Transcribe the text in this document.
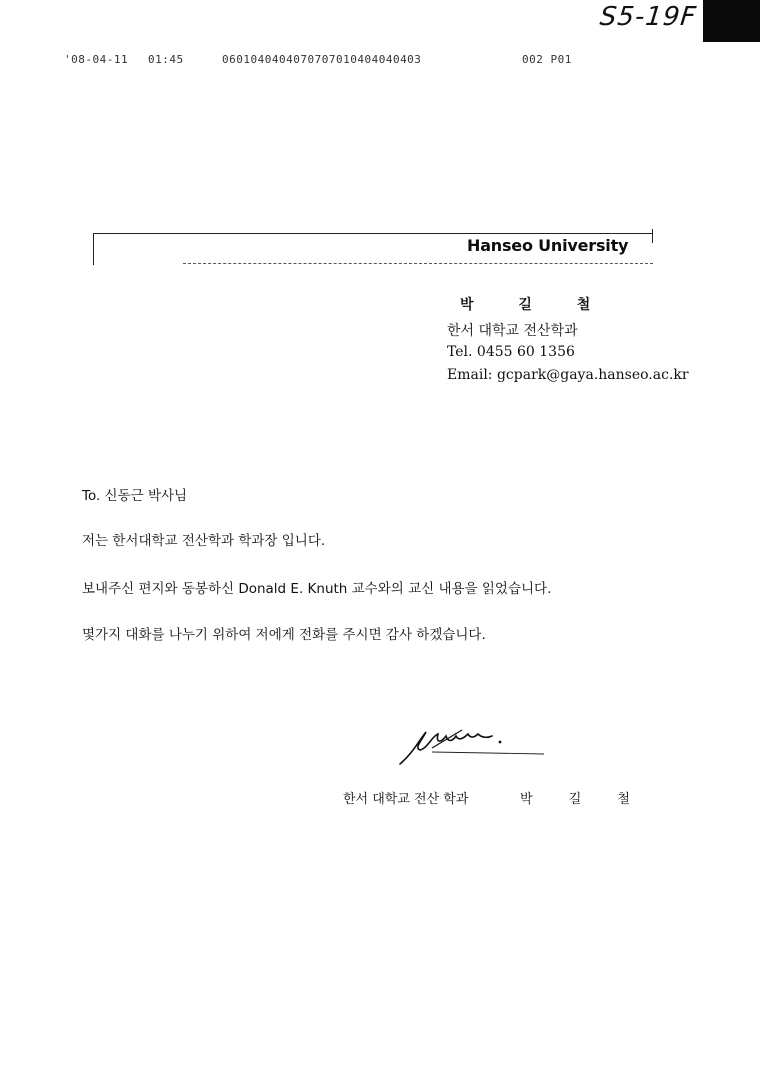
S5-19F
'08-04-11 01:45	0601040404070707010404040403	002 P01
Hanseo University
박 길 철
한서 대학교 전산학과
Tel. 0455 60 1356
Email: gcpark@gaya.hanseo.ac.kr
To. 신동근 박사님
저는 한서대학교 전산학과 학과장 입니다.
보내주신 편지와 동봉하신 Donald E. Knuth 교수와의 교신 내용을 읽었습니다.
몇가지 대화를 나누기 위하여 저에게 전화를 주시면 감사 하겠습니다.
한서 대학교 전산 학과	박 길 철
